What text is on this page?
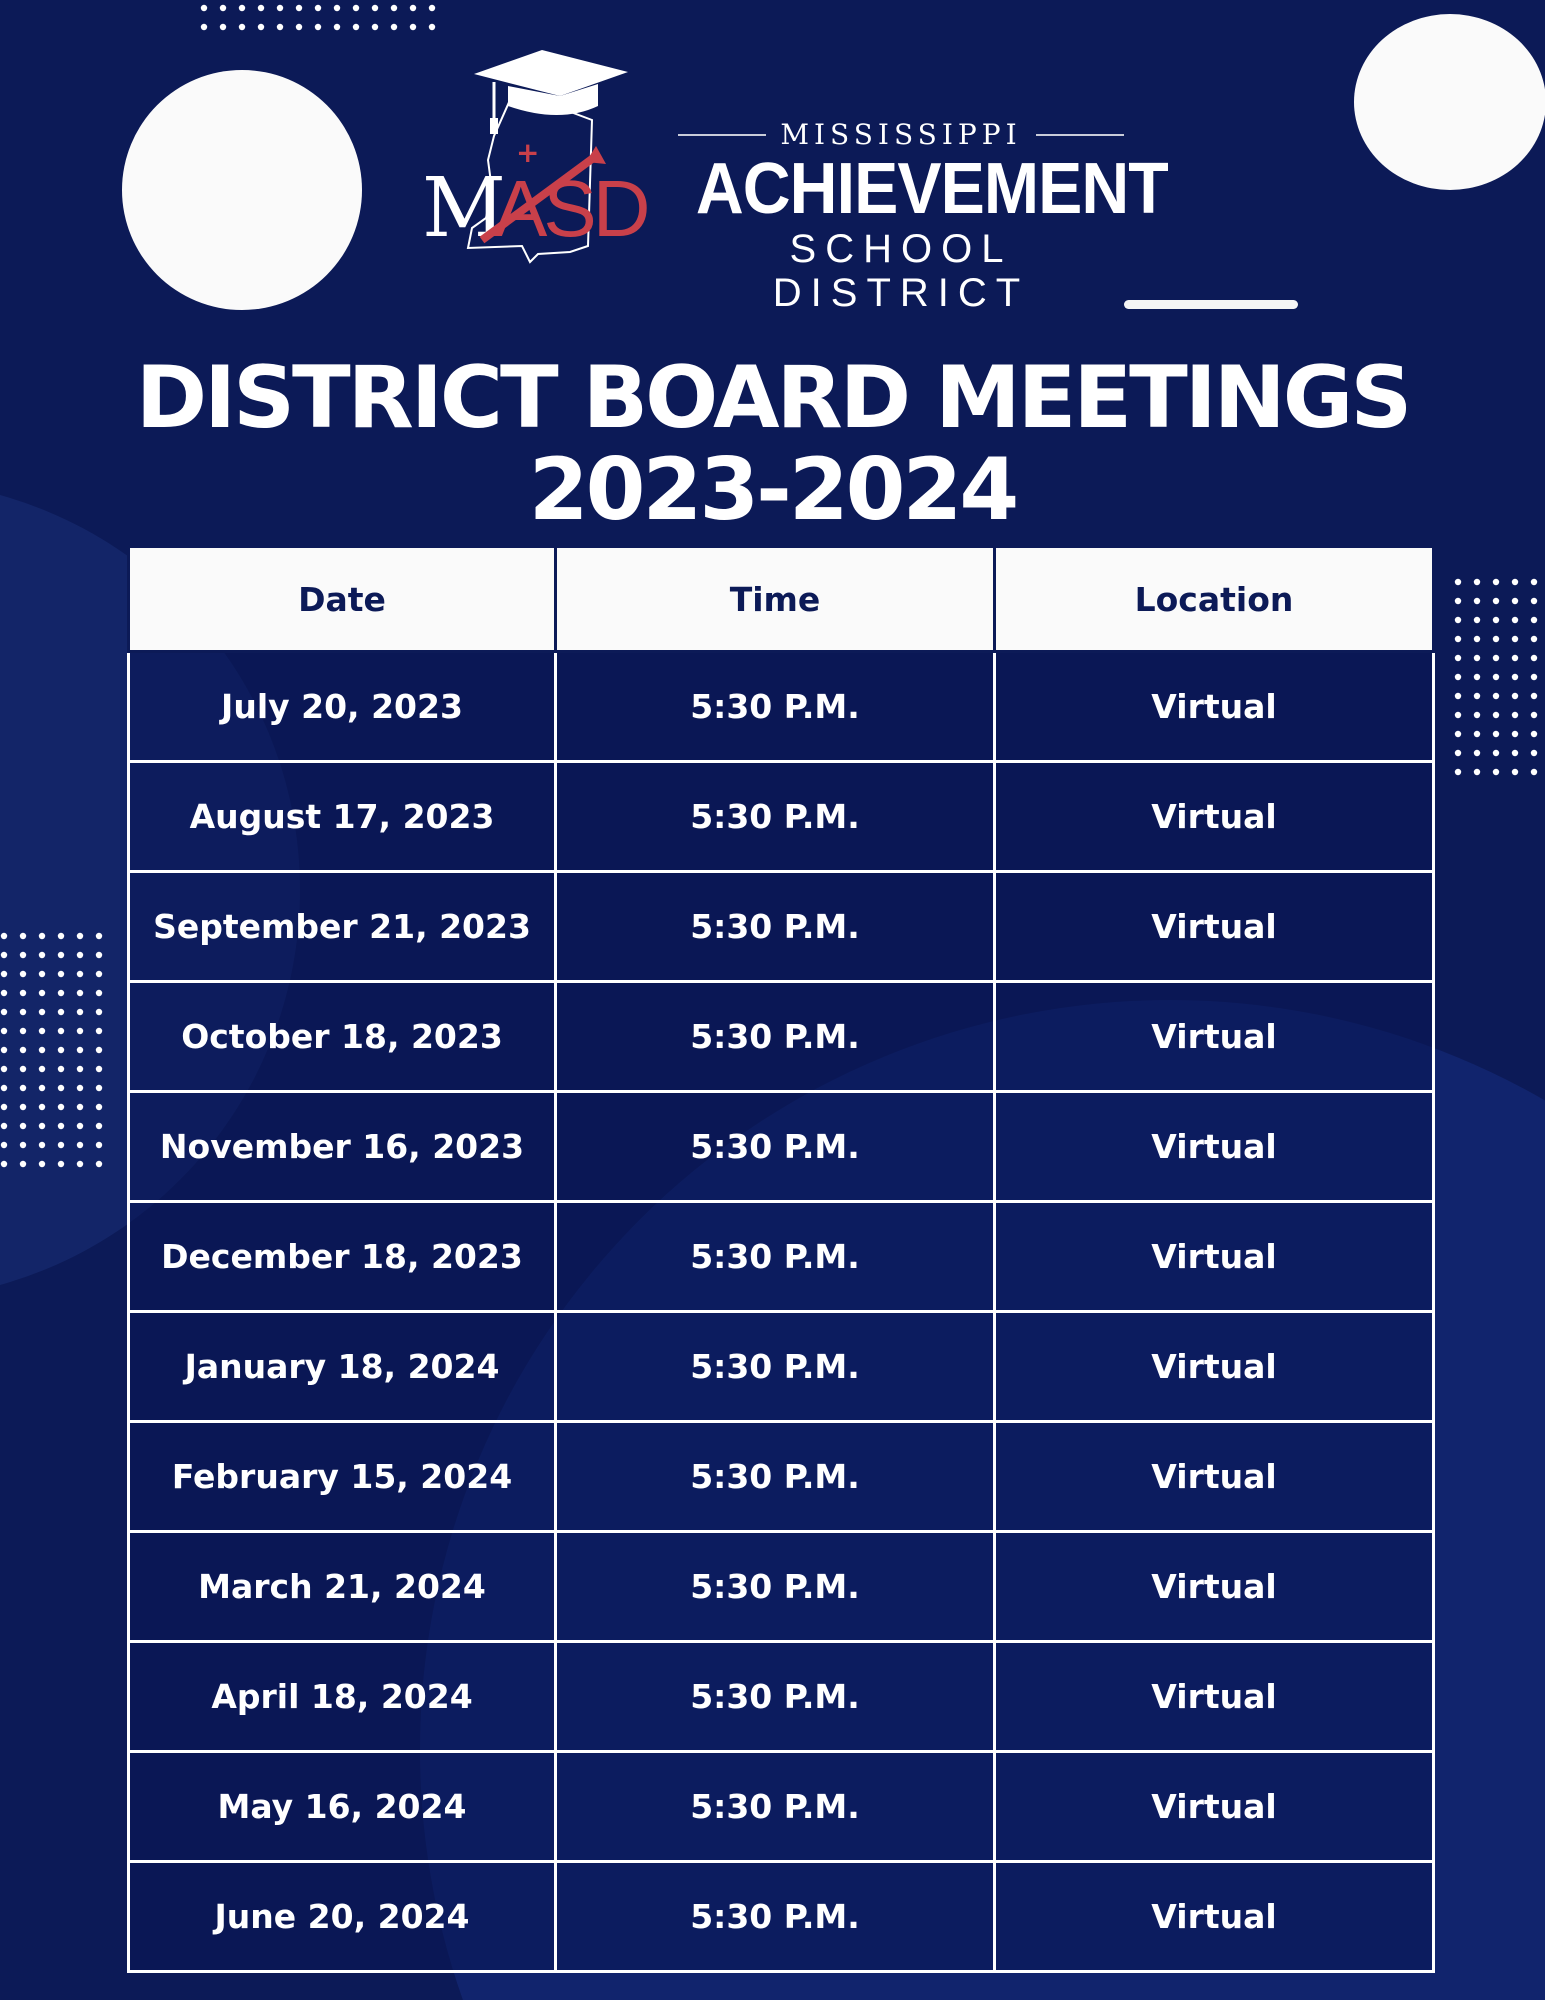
M
ASD
+
MISSISSIPPI
ACHIEVEMENT
SCHOOL DISTRICT
DISTRICT BOARD MEETINGS
2023-2024
Date	Time	Location
July 20, 2023	5:30 P.M.	Virtual
August 17, 2023	5:30 P.M.	Virtual
September 21, 2023	5:30 P.M.	Virtual
October 18, 2023	5:30 P.M.	Virtual
November 16, 2023	5:30 P.M.	Virtual
December 18, 2023	5:30 P.M.	Virtual
January 18, 2024	5:30 P.M.	Virtual
February 15, 2024	5:30 P.M.	Virtual
March 21, 2024	5:30 P.M.	Virtual
April 18, 2024	5:30 P.M.	Virtual
May 16, 2024	5:30 P.M.	Virtual
June 20, 2024	5:30 P.M.	Virtual
